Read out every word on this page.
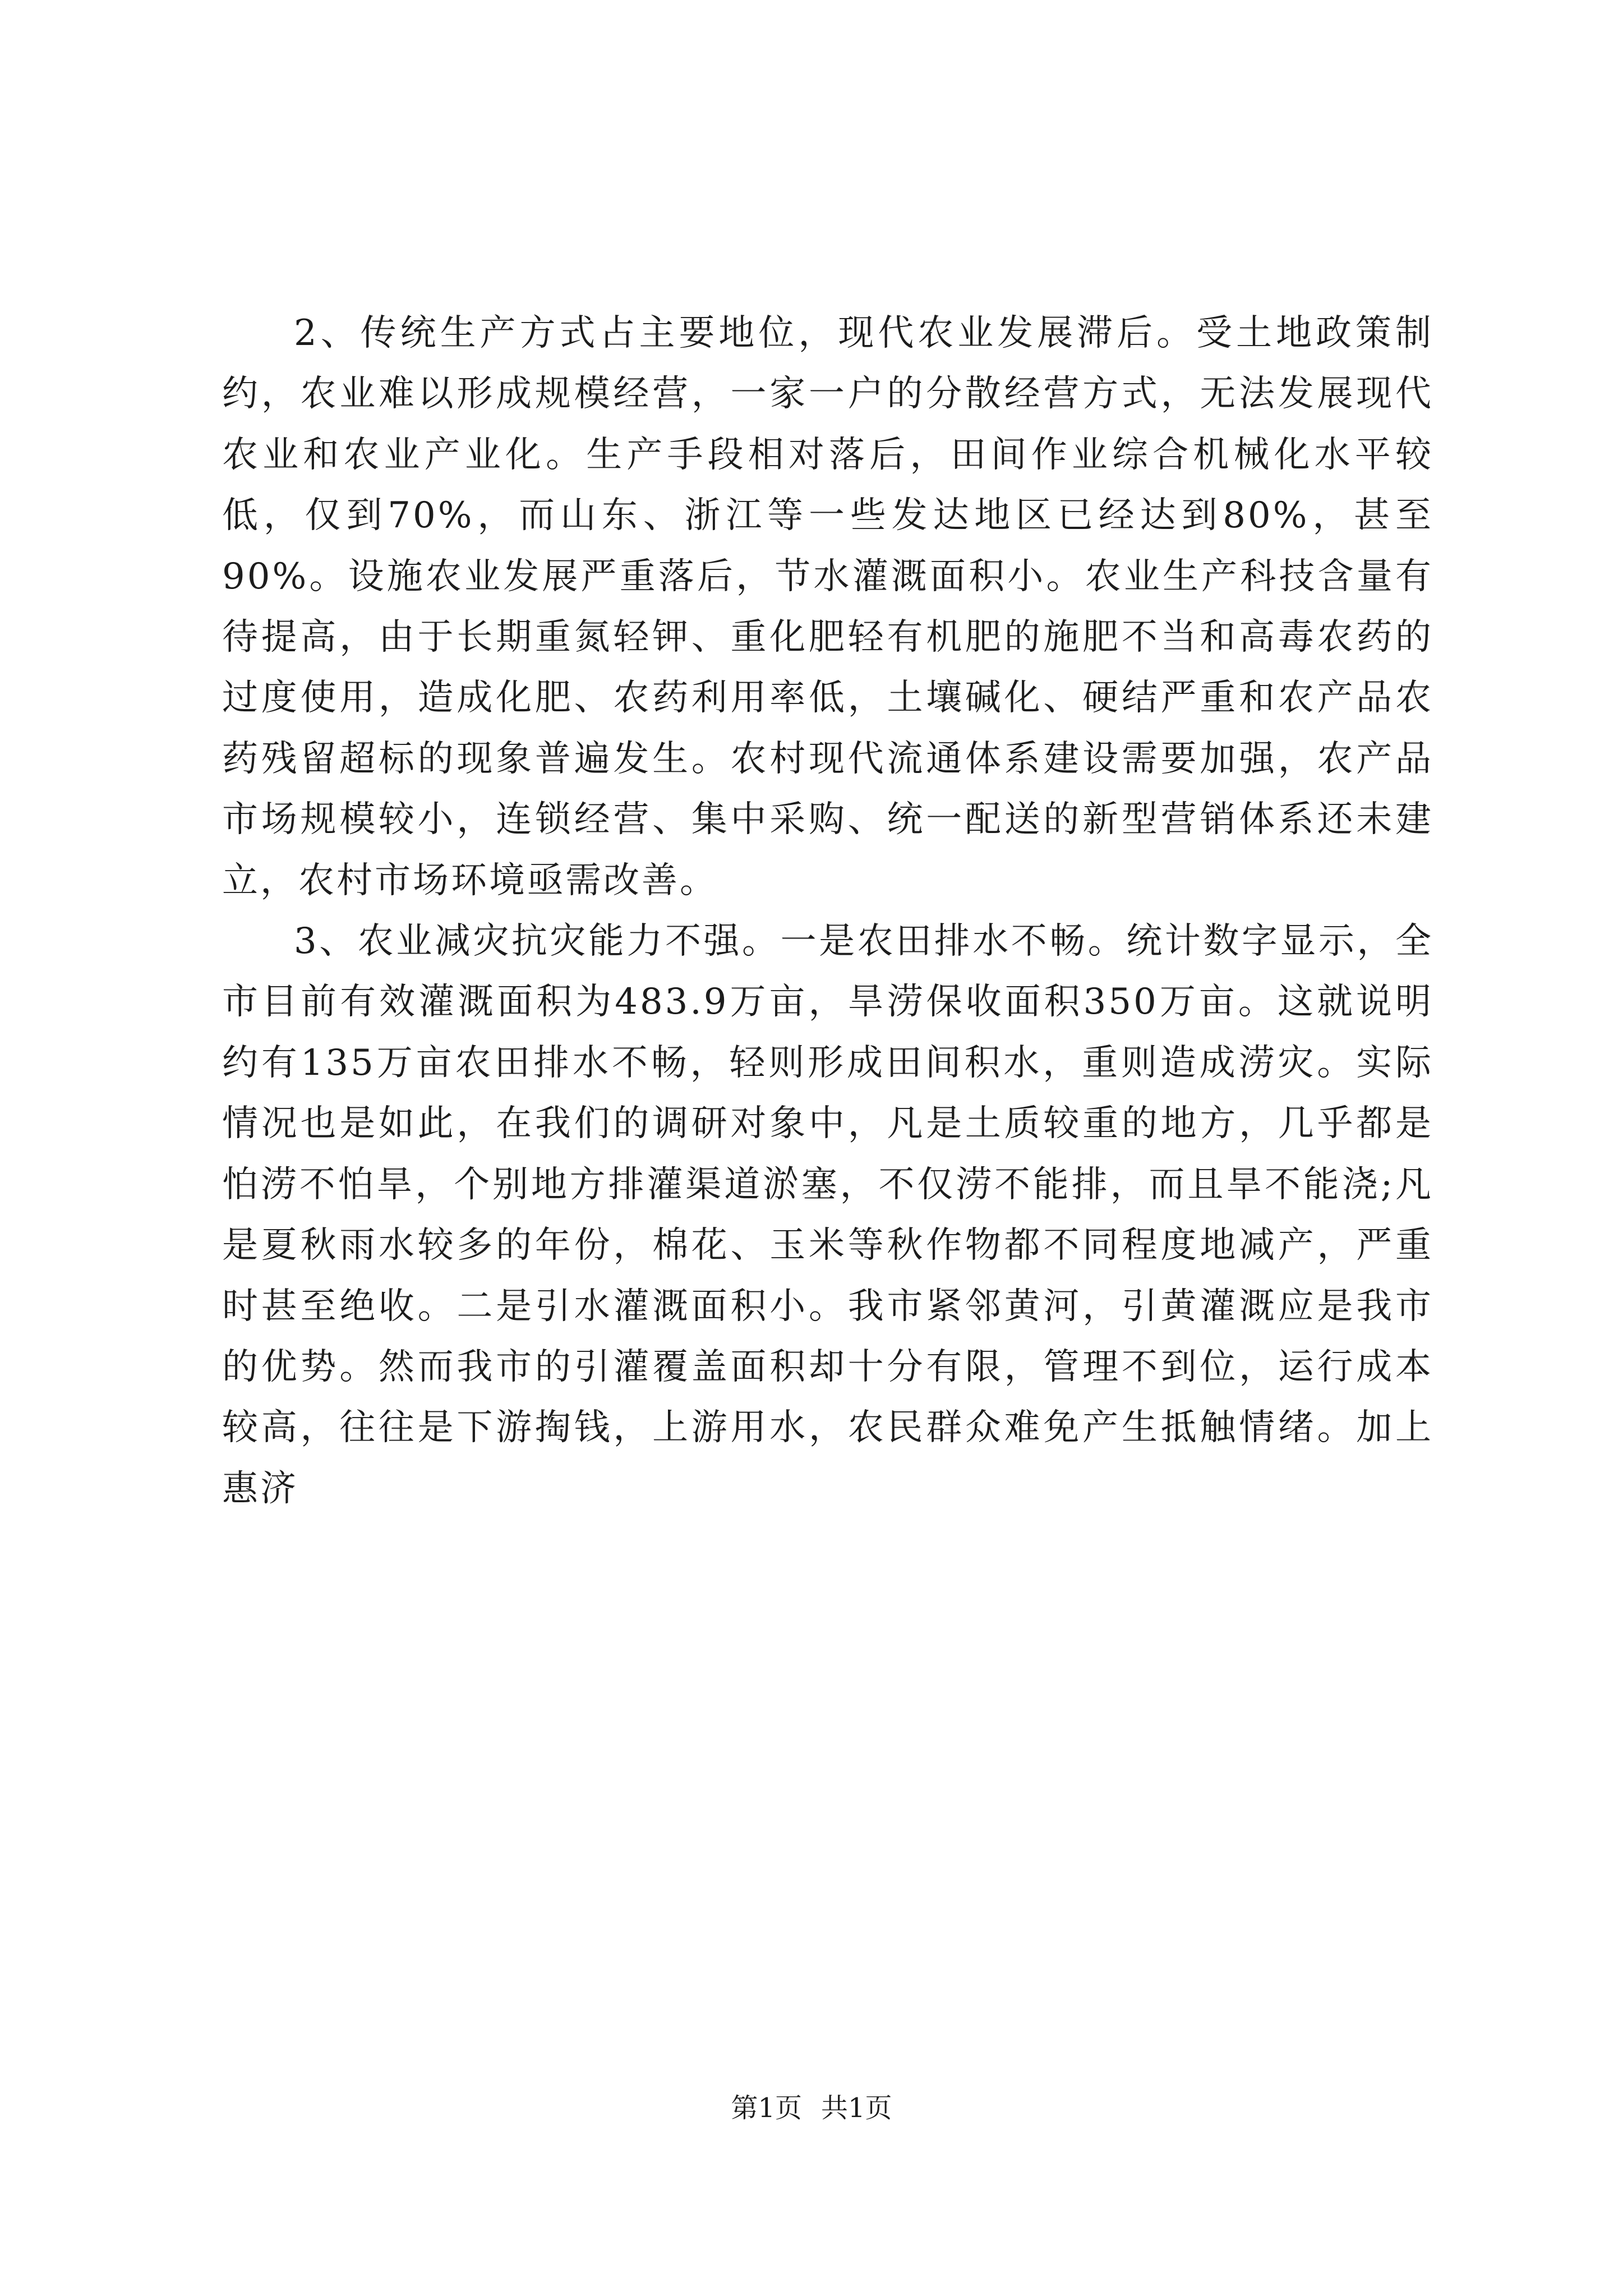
2、传统生产方式占主要地位，现代农业发展滞后。受土地政策制约，农业难以形成规模经营，一家一户的分散经营方式，无法发展现代农业和农业产业化。生产手段相对落后，田间作业综合机械化水平较低，仅到70%，而山东、浙江等一些发达地区已经达到80%，甚至90%。设施农业发展严重落后，节水灌溉面积小。农业生产科技含量有待提高，由于长期重氮轻钾、重化肥轻有机肥的施肥不当和高毒农药的过度使用，造成化肥、农药利用率低，土壤碱化、硬结严重和农产品农药残留超标的现象普遍发生。农村现代流通体系建设需要加强，农产品市场规模较小，连锁经营、集中采购、统一配送的新型营销体系还未建立，农村市场环境亟需改善。

3、农业减灾抗灾能力不强。一是农田排水不畅。统计数字显示，全市目前有效灌溉面积为483.9万亩，旱涝保收面积350万亩。这就说明约有135万亩农田排水不畅，轻则形成田间积水，重则造成涝灾。实际情况也是如此，在我们的调研对象中，凡是土质较重的地方，几乎都是怕涝不怕旱，个别地方排灌渠道淤塞，不仅涝不能排，而且旱不能浇;凡是夏秋雨水较多的年份，棉花、玉米等秋作物都不同程度地减产，严重时甚至绝收。二是引水灌溉面积小。我市紧邻黄河，引黄灌溉应是我市的优势。然而我市的引灌覆盖面积却十分有限，管理不到位，运行成本较高，往往是下游掏钱，上游用水，农民群众难免产生抵触情绪。加上惠济

第1页 共1页
